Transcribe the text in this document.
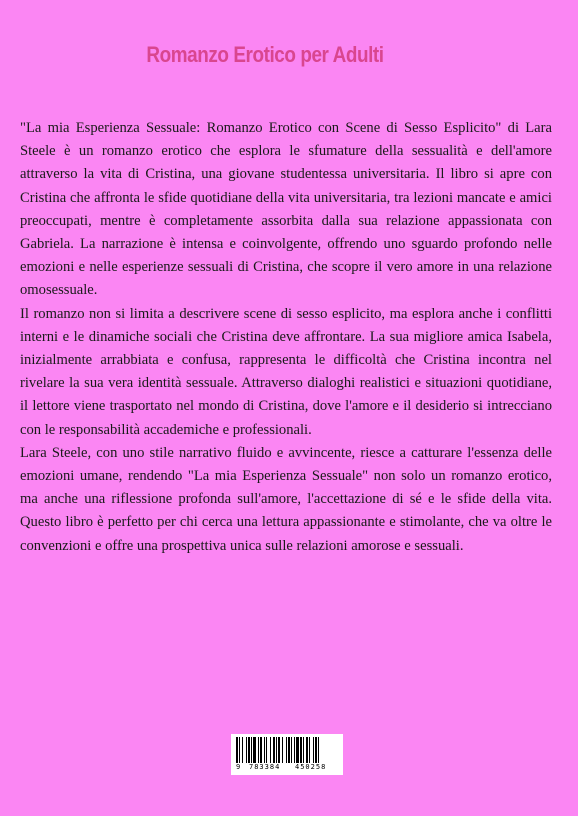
Romanzo Erotico per Adulti

"La mia Esperienza Sessuale: Romanzo Erotico con Scene di Sesso Esplicito" di Lara Steele è un romanzo erotico che esplora le sfumature della sessualità e dell'amore attraverso la vita di Cristina, una giovane studentessa universitaria. Il libro si apre con Cristina che affronta le sfide quotidiane della vita universitaria, tra lezioni mancate e amici preoccupati, mentre è completamente assorbita dalla sua relazione appassionata con Gabriela. La narrazione è intensa e coinvolgente, offrendo uno sguardo profondo nelle emozioni e nelle esperienze sessuali di Cristina, che scopre il vero amore in una relazione omosessuale.

Il romanzo non si limita a descrivere scene di sesso esplicito, ma esplora anche i conflitti interni e le dinamiche sociali che Cristina deve affrontare. La sua migliore amica Isabela, inizialmente arrabbiata e confusa, rappresenta le difficoltà che Cristina incontra nel rivelare la sua vera identità sessuale. Attraverso dialoghi realistici e situazioni quotidiane, il lettore viene trasportato nel mondo di Cristina, dove l'amore e il desiderio si intrecciano con le responsabilità accademiche e professionali.

Lara Steele, con uno stile narrativo fluido e avvincente, riesce a catturare l'essenza delle emozioni umane, rendendo "La mia Esperienza Sessuale" non solo un romanzo erotico, ma anche una riflessione profonda sull'amore, l'accettazione di sé e le sfide della vita. Questo libro è perfetto per chi cerca una lettura appassionante e stimolante, che va oltre le convenzioni e offre una prospettiva unica sulle relazioni amorose e sessuali.

9 783384 450258
